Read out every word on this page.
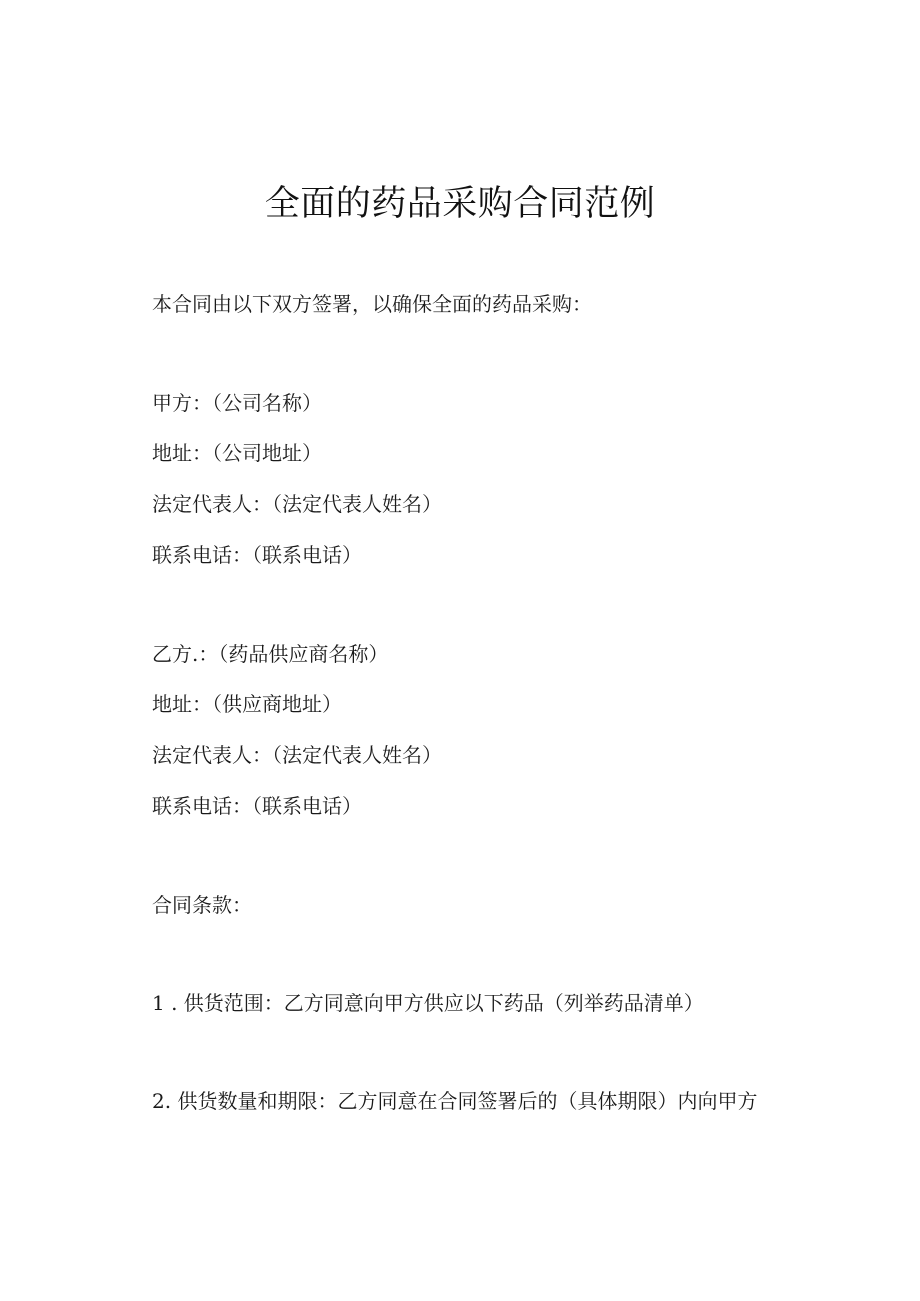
全面的药品采购合同范例
本合同由以下双方签署，以确保全面的药品采购：
甲方：（公司名称）
地址：（公司地址）
法定代表人：（法定代表人姓名）
联系电话：（联系电话）
乙方.：（药品供应商名称）
地址：（供应商地址）
法定代表人：（法定代表人姓名）
联系电话：（联系电话）
合同条款：
1 . 供货范围：乙方同意向甲方供应以下药品（列举药品清单）
2. 供货数量和期限：乙方同意在合同签署后的（具体期限）内向甲方
